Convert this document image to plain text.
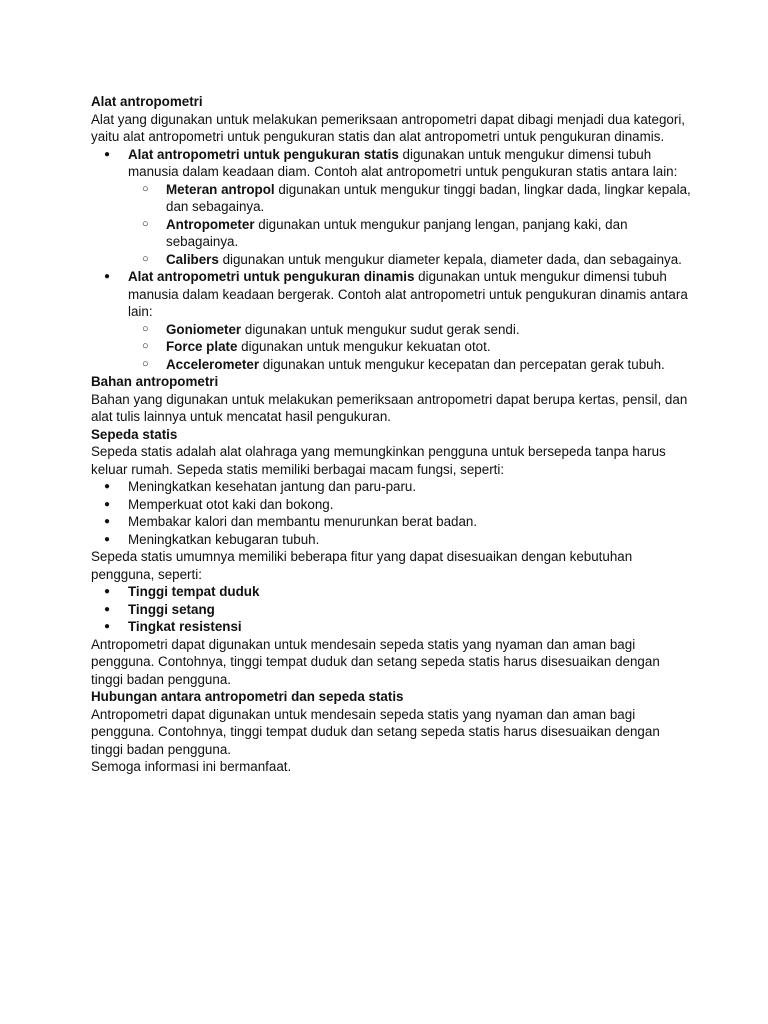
Alat antropometri

Alat yang digunakan untuk melakukan pemeriksaan antropometri dapat dibagi menjadi dua kategori, yaitu alat antropometri untuk pengukuran statis dan alat antropometri untuk pengukuran dinamis.

● Alat antropometri untuk pengukuran statis digunakan untuk mengukur dimensi tubuh manusia dalam keadaan diam. Contoh alat antropometri untuk pengukuran statis antara lain:
○ Meteran antropol digunakan untuk mengukur tinggi badan, lingkar dada, lingkar kepala, dan sebagainya.
○ Antropometer digunakan untuk mengukur panjang lengan, panjang kaki, dan sebagainya.
○ Calibers digunakan untuk mengukur diameter kepala, diameter dada, dan sebagainya.
● Alat antropometri untuk pengukuran dinamis digunakan untuk mengukur dimensi tubuh manusia dalam keadaan bergerak. Contoh alat antropometri untuk pengukuran dinamis antara lain:
○ Goniometer digunakan untuk mengukur sudut gerak sendi.
○ Force plate digunakan untuk mengukur kekuatan otot.
○ Accelerometer digunakan untuk mengukur kecepatan dan percepatan gerak tubuh.

Bahan antropometri

Bahan yang digunakan untuk melakukan pemeriksaan antropometri dapat berupa kertas, pensil, dan alat tulis lainnya untuk mencatat hasil pengukuran.

Sepeda statis

Sepeda statis adalah alat olahraga yang memungkinkan pengguna untuk bersepeda tanpa harus keluar rumah. Sepeda statis memiliki berbagai macam fungsi, seperti:

● Meningkatkan kesehatan jantung dan paru-paru.
● Memperkuat otot kaki dan bokong.
● Membakar kalori dan membantu menurunkan berat badan.
● Meningkatkan kebugaran tubuh.

Sepeda statis umumnya memiliki beberapa fitur yang dapat disesuaikan dengan kebutuhan pengguna, seperti:

● Tinggi tempat duduk
● Tinggi setang
● Tingkat resistensi

Antropometri dapat digunakan untuk mendesain sepeda statis yang nyaman dan aman bagi pengguna. Contohnya, tinggi tempat duduk dan setang sepeda statis harus disesuaikan dengan tinggi badan pengguna.

Hubungan antara antropometri dan sepeda statis

Antropometri dapat digunakan untuk mendesain sepeda statis yang nyaman dan aman bagi pengguna. Contohnya, tinggi tempat duduk dan setang sepeda statis harus disesuaikan dengan tinggi badan pengguna.

Semoga informasi ini bermanfaat.
